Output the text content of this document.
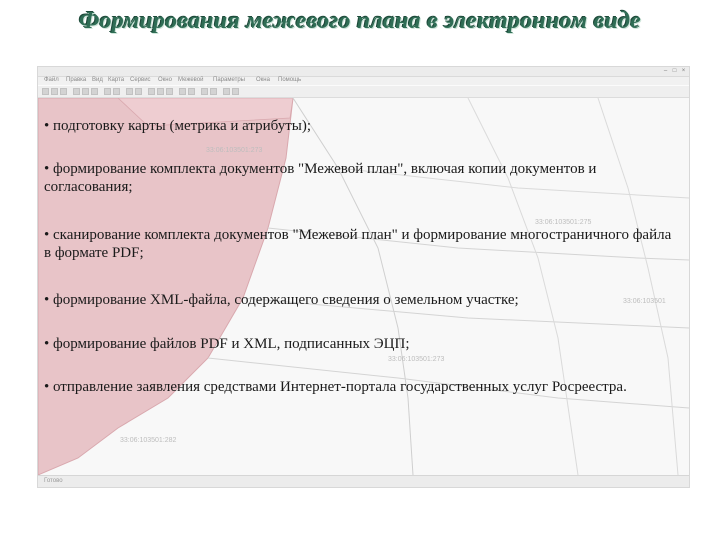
Формирования межевого плана в электронном виде
– □ ×
Файл Правка Вид Карта Сервис Окно Межевой Параметры Окна Помощь
33:06:103501:273
33:06:103501
33:06:103501:273
33:06:103501:275
33:06:103501:282
Готово
• подготовку карты (метрика и атрибуты);
• формирование комплекта документов "Межевой план", включая копии документов и согласования;
• сканирование комплекта документов "Межевой план" и формирование многостраничного файла в формате PDF;
• формирование XML-файла, содержащего сведения о земельном участке;
• формирование файлов PDF и XML, подписанных ЭЦП;
• отправление заявления средствами Интернет-портала государственных услуг Росреестра.
